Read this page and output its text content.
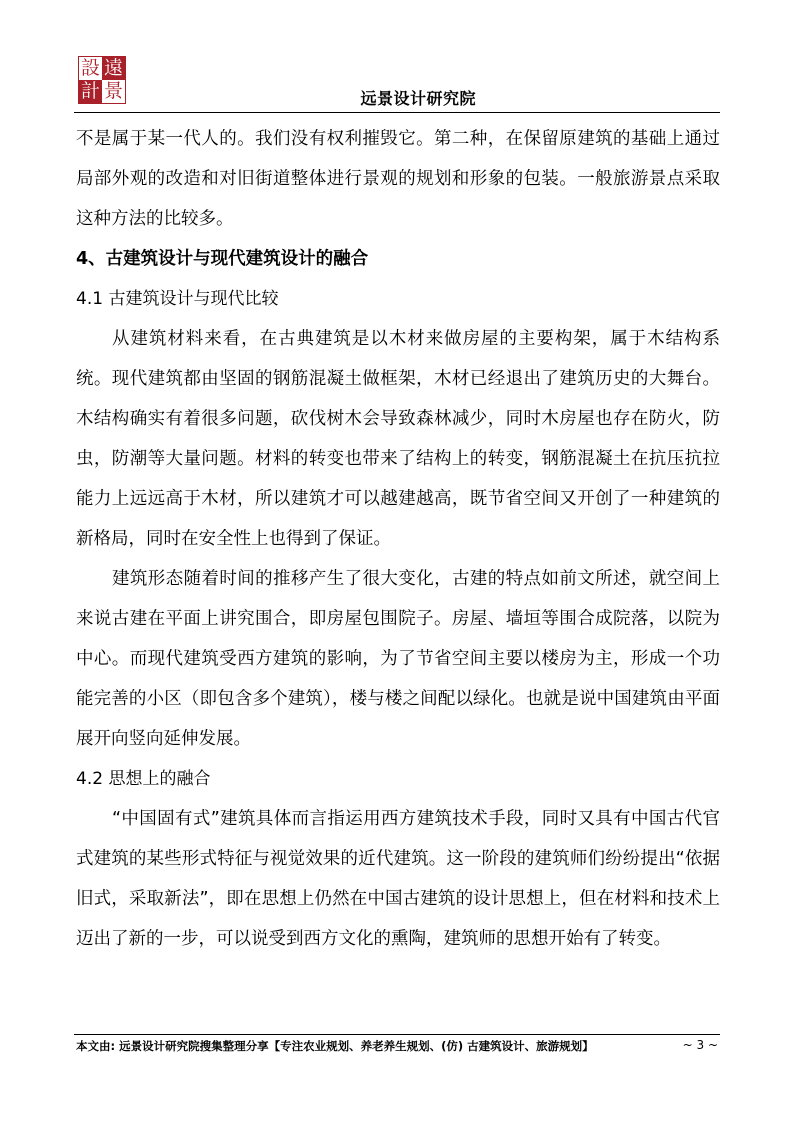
設 遠
計 景	远景设计研究院

不是属于某一代人的。我们没有权利摧毁它。第二种，在保留原建筑的基础上通过局部外观的改造和对旧街道整体进行景观的规划和形象的包装。一般旅游景点采取这种方法的比较多。

4、古建筑设计与现代建筑设计的融合

4.1 古建筑设计与现代比较

从建筑材料来看，在古典建筑是以木材来做房屋的主要构架，属于木结构系统。现代建筑都由坚固的钢筋混凝土做框架，木材已经退出了建筑历史的大舞台。木结构确实有着很多问题，砍伐树木会导致森林减少，同时木房屋也存在防火，防虫，防潮等大量问题。材料的转变也带来了结构上的转变，钢筋混凝土在抗压抗拉能力上远远高于木材，所以建筑才可以越建越高，既节省空间又开创了一种建筑的新格局，同时在安全性上也得到了保证。

建筑形态随着时间的推移产生了很大变化，古建的特点如前文所述，就空间上来说古建在平面上讲究围合，即房屋包围院子。房屋、墙垣等围合成院落，以院为中心。而现代建筑受西方建筑的影响，为了节省空间主要以楼房为主，形成一个功能完善的小区（即包含多个建筑），楼与楼之间配以绿化。也就是说中国建筑由平面展开向竖向延伸发展。

4.2 思想上的融合

“中国固有式”建筑具体而言指运用西方建筑技术手段，同时又具有中国古代官式建筑的某些形式特征与视觉效果的近代建筑。这一阶段的建筑师们纷纷提出“依据旧式，采取新法”，即在思想上仍然在中国古建筑的设计思想上，但在材料和技术上迈出了新的一步，可以说受到西方文化的熏陶，建筑师的思想开始有了转变。

本文由: 远景设计研究院搜集整理分享【专注农业规划、养老养生规划、(仿) 古建筑设计、旅游规划】	~ 3 ~
